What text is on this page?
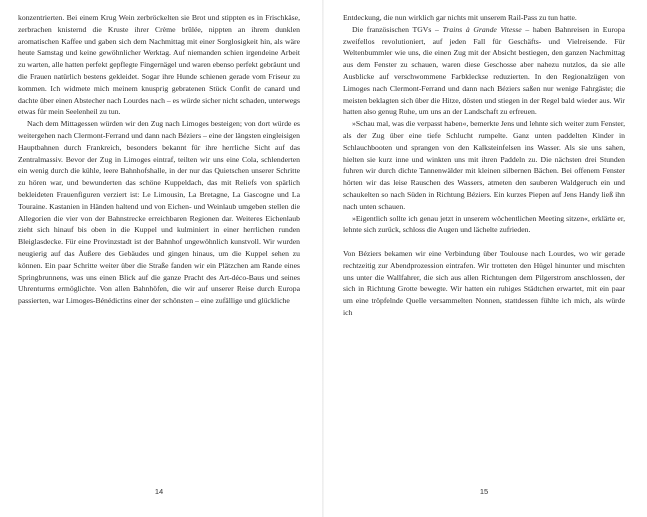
konzentrierten. Bei einem Krug Wein zerbröckelten sie Brot und stippten es in Frischkäse, zerbrachen knisternd die Kruste ihrer Crème brûlée, nippten an ihrem dunklen aromatischen Kaffee und gaben sich dem Nachmittag mit einer Sorglosigkeit hin, als wäre heute Samstag und keine gewöhnlicher Werktag. Auf niemanden schien irgendeine Arbeit zu warten, alle hatten perfekt gepflegte Fingernägel und waren ebenso perfekt gebräunt und die Frauen natürlich bestens gekleidet. Sogar ihre Hunde schienen gerade vom Friseur zu kommen. Ich widmete mich meinem knusprig gebratenen Stück Confit de canard und dachte über einen Abstecher nach Lourdes nach – es würde sicher nicht schaden, unterwegs etwas für mein Seelenheil zu tun.

Nach dem Mittagessen würden wir den Zug nach Limoges besteigen; von dort würde es weitergehen nach Clermont-Ferrand und dann nach Béziers – eine der längsten eingleisigen Hauptbahnen durch Frankreich, besonders bekannt für ihre herrliche Sicht auf das Zentralmassiv. Bevor der Zug in Limoges eintraf, teilten wir uns eine Cola, schlenderten ein wenig durch die kühle, leere Bahnhofshalle, in der nur das Quietschen unserer Schritte zu hören war, und bewunderten das schöne Kuppeldach, das mit Reliefs von spärlich bekleideten Frauenfiguren verziert ist: Le Limousin, La Bretagne, La Gascogne und La Touraine. Kastanien in Händen haltend und von Eichen- und Weinlaub umgeben stellen die Allegorien die vier von der Bahnstrecke erreichbaren Regionen dar. Weiteres Eichenlaub zieht sich hinauf bis oben in die Kuppel und kulminiert in einer herrlichen runden Bleiglasdecke. Für eine Provinzstadt ist der Bahnhof ungewöhnlich kunstvoll. Wir wurden neugierig auf das Äußere des Gebäudes und gingen hinaus, um die Kuppel sehen zu können. Ein paar Schritte weiter über die Straße fanden wir ein Plätzchen am Rande eines Springbrunnens, was uns einen Blick auf die ganze Pracht des Art-déco-Baus und seines Uhrenturms ermöglichte. Von allen Bahnhöfen, die wir auf unserer Reise durch Europa passierten, war Limoges-Bénédictins einer der schönsten – eine zufällige und glückliche

14

Entdeckung, die nun wirklich gar nichts mit unserem Rail-Pass zu tun hatte.

Die französischen TGVs – Trains à Grande Vitesse – haben Bahnreisen in Europa zweifellos revolutioniert, auf jeden Fall für Geschäfts- und Vielreisende. Für Weltenbummler wie uns, die einen Zug mit der Absicht bestiegen, den ganzen Nachmittag aus dem Fenster zu schauen, waren diese Geschosse aber nahezu nutzlos, da sie alle Ausblicke auf verschwommene Farbkleckse reduzierten. In den Regionalzügen von Limoges nach Clermont-Ferrand und dann nach Béziers saßen nur wenige Fahrgäste; die meisten beklagten sich über die Hitze, dösten und stiegen in der Regel bald wieder aus. Wir hatten also genug Ruhe, um uns an der Landschaft zu erfreuen.

»Schau mal, was die verpasst haben«, bemerkte Jens und lehnte sich weiter zum Fenster, als der Zug über eine tiefe Schlucht rumpelte. Ganz unten paddelten Kinder in Schlauchbooten und sprangen von den Kalksteinfelsen ins Wasser. Als sie uns sahen, hielten sie kurz inne und winkten uns mit ihren Paddeln zu. Die nächsten drei Stunden fuhren wir durch dichte Tannenwälder mit kleinen silbernen Bächen. Bei offenem Fenster hörten wir das leise Rauschen des Wassers, atmeten den sauberen Waldgeruch ein und schaukelten so nach Süden in Richtung Béziers. Ein kurzes Piepen auf Jens Handy ließ ihn nach unten schauen.

»Eigentlich sollte ich genau jetzt in unserem wöchentlichen Meeting sitzen«, erklärte er, lehnte sich zurück, schloss die Augen und lächelte zufrieden.

Von Béziers bekamen wir eine Verbindung über Toulouse nach Lourdes, wo wir gerade rechtzeitig zur Abendprozession eintrafen. Wir trotteten den Hügel hinunter und mischten uns unter die Wallfahrer, die sich aus allen Richtungen dem Pilgerstrom anschlossen, der sich in Richtung Grotte bewegte. Wir hatten ein ruhiges Städtchen erwartet, mit ein paar um eine tröpfelnde Quelle versammelten Nonnen, stattdessen fühlte ich mich, als würde ich

15
